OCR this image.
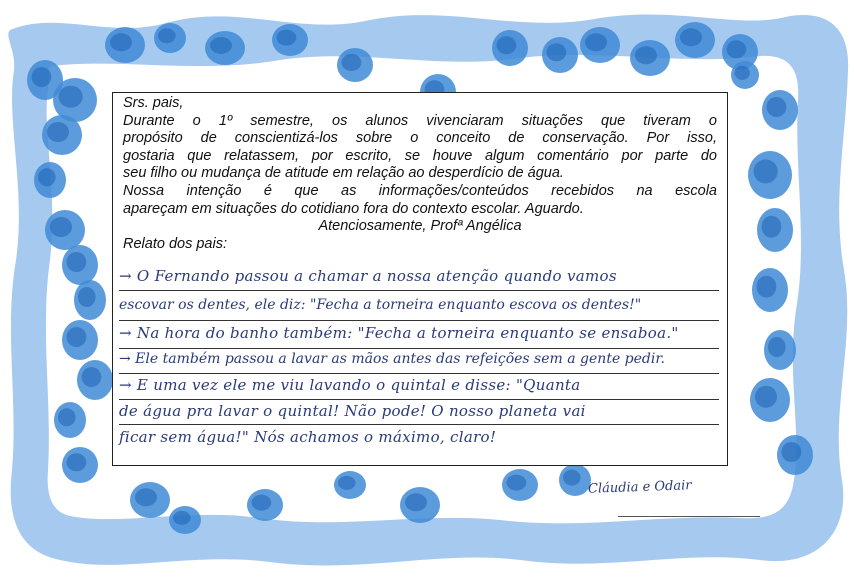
Srs. pais,

Durante o 1º semestre, os alunos vivenciaram situações que tiveram o

propósito de conscientizá-los sobre o conceito de conservação. Por isso,

gostaria que relatassem, por escrito, se houve algum comentário por parte do

seu filho ou mudança de atitude em relação ao desperdício de água.

Nossa intenção é que as informações/conteúdos recebidos na escola

apareçam em situações do cotidiano fora do contexto escolar. Aguardo.

Atenciosamente, Profª Angélica

Relato dos pais:

→ O Fernando passou a chamar a nossa atenção quando vamos
escovar os dentes, ele diz: "Fecha a torneira enquanto escova os dentes!"
→ Na hora do banho também: "Fecha a torneira enquanto se ensaboa."
→ Ele também passou a lavar as mãos antes das refeições sem a gente pedir.
→ E uma vez ele me viu lavando o quintal e disse: "Quanta
de água pra lavar o quintal! Não pode! O nosso planeta vai
ficar sem água!" Nós achamos o máximo, claro!
Cláudia e Odair
